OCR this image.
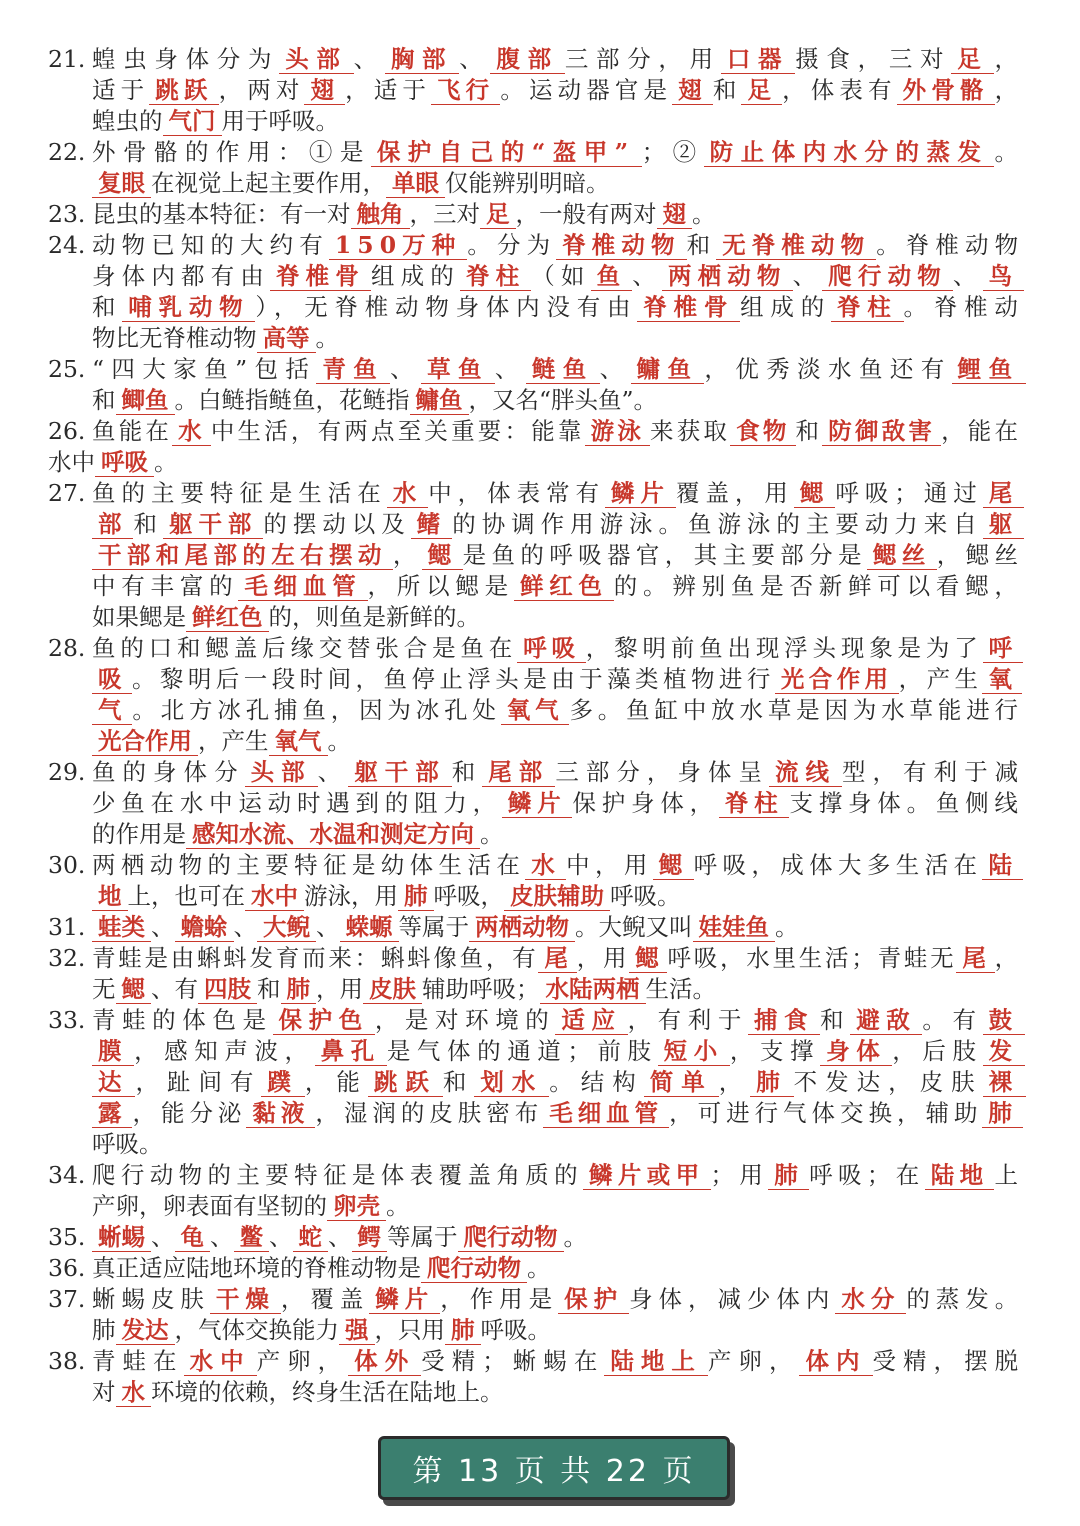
21. 蝗虫身体分为 头部 、 胸部 、 腹部 三部分，用 口器 摄食，三对 足 ，
适于 跳跃 ，两对 翅 ，适于 飞行 。运动器官是 翅 和 足 ，体表有 外骨骼 ，
蝗虫的 气门 用于呼吸。
22. 外骨骼的作用：①是 保护自己的“盔甲” ；② 防止体内水分的蒸发 。
复眼 在视觉上起主要作用， 单眼 仅能辨别明暗。
23. 昆虫的基本特征：有一对 触角 ，三对 足 ，一般有两对 翅 。
24. 动物已知的大约有 150万种 。分为 脊椎动物 和 无脊椎动物 。脊椎动物
身体内都有由 脊椎骨 组成的 脊柱 （如 鱼 、 两栖动物 、 爬行动物 、 鸟
和 哺乳动物 ），无脊椎动物身体内没有由 脊椎骨 组成的 脊柱 。脊椎动
物比无脊椎动物 高等 。
25. “四大家鱼”包括 青鱼 、 草鱼 、 鲢鱼 、 鳙鱼 ，优秀淡水鱼还有 鲤鱼
和 鲫鱼 。白鲢指鲢鱼，花鲢指 鳙鱼 ，又名“胖头鱼”。
26. 鱼能在 水 中生活，有两点至关重要：能靠 游泳 来获取 食物 和 防御敌害 ，能在
水中 呼吸 。
27. 鱼的主要特征是生活在 水 中，体表常有 鳞片 覆盖，用 鳃 呼吸；通过 尾
部 和 躯干部 的摆动以及 鳍 的协调作用游泳。鱼游泳的主要动力来自 躯
干部和尾部的左右摆动 ， 鳃 是鱼的呼吸器官，其主要部分是 鳃丝 ，鳃丝
中有丰富的 毛细血管 ，所以鳃是 鲜红色 的。辨别鱼是否新鲜可以看鳃，
如果鳃是 鲜红色 的，则鱼是新鲜的。
28. 鱼的口和鳃盖后缘交替张合是鱼在 呼吸 ，黎明前鱼出现浮头现象是为了 呼
吸 。黎明后一段时间，鱼停止浮头是由于藻类植物进行 光合作用 ，产生 氧
气 。北方冰孔捕鱼，因为冰孔处 氧气 多。鱼缸中放水草是因为水草能进行
光合作用 ，产生 氧气 。
29. 鱼的身体分 头部 、 躯干部 和 尾部 三部分，身体呈 流线 型，有利于减
少鱼在水中运动时遇到的阻力， 鳞片 保护身体， 脊柱 支撑身体。鱼侧线
的作用是 感知水流、水温和测定方向 。
30. 两栖动物的主要特征是幼体生活在 水 中，用 鳃 呼吸，成体大多生活在 陆
地 上，也可在 水中 游泳，用 肺 呼吸， 皮肤辅助 呼吸。
31. 蛙类 、 蟾蜍 、 大鲵 、 蝾螈 等属于 两栖动物 。大鲵又叫 娃娃鱼 。
32. 青蛙是由蝌蚪发育而来：蝌蚪像鱼，有 尾 ，用 鳃 呼吸，水里生活；青蛙无 尾 ，
无 鳃 、有 四肢 和 肺 ，用 皮肤 辅助呼吸； 水陆两栖 生活。
33. 青蛙的体色是 保护色 ，是对环境的 适应 ，有利于 捕食 和 避敌 。有 鼓
膜 ，感知声波， 鼻孔 是气体的通道；前肢 短小 ，支撑 身体 ，后肢 发
达 ，趾间有 蹼 ，能 跳跃 和 划水 。结构 简单 ， 肺 不发达，皮肤 裸
露 ，能分泌 黏液 ，湿润的皮肤密布 毛细血管 ，可进行气体交换，辅助 肺
呼吸。
34. 爬行动物的主要特征是体表覆盖角质的 鳞片或甲 ；用 肺 呼吸；在 陆地 上
产卵，卵表面有坚韧的 卵壳 。
35. 蜥蜴 、 龟 、 鳖 、 蛇 、 鳄 等属于 爬行动物 。
36. 真正适应陆地环境的脊椎动物是 爬行动物 。
37. 蜥蜴皮肤 干燥 ，覆盖 鳞片 ，作用是 保护 身体，减少体内 水分 的蒸发。
肺 发达 ，气体交换能力 强 ，只用 肺 呼吸。
38. 青蛙在 水中 产卵， 体外 受精；蜥蜴在 陆地上 产卵， 体内 受精，摆脱
对 水 环境的依赖，终身生活在陆地上。
第 13 页 共 22 页
